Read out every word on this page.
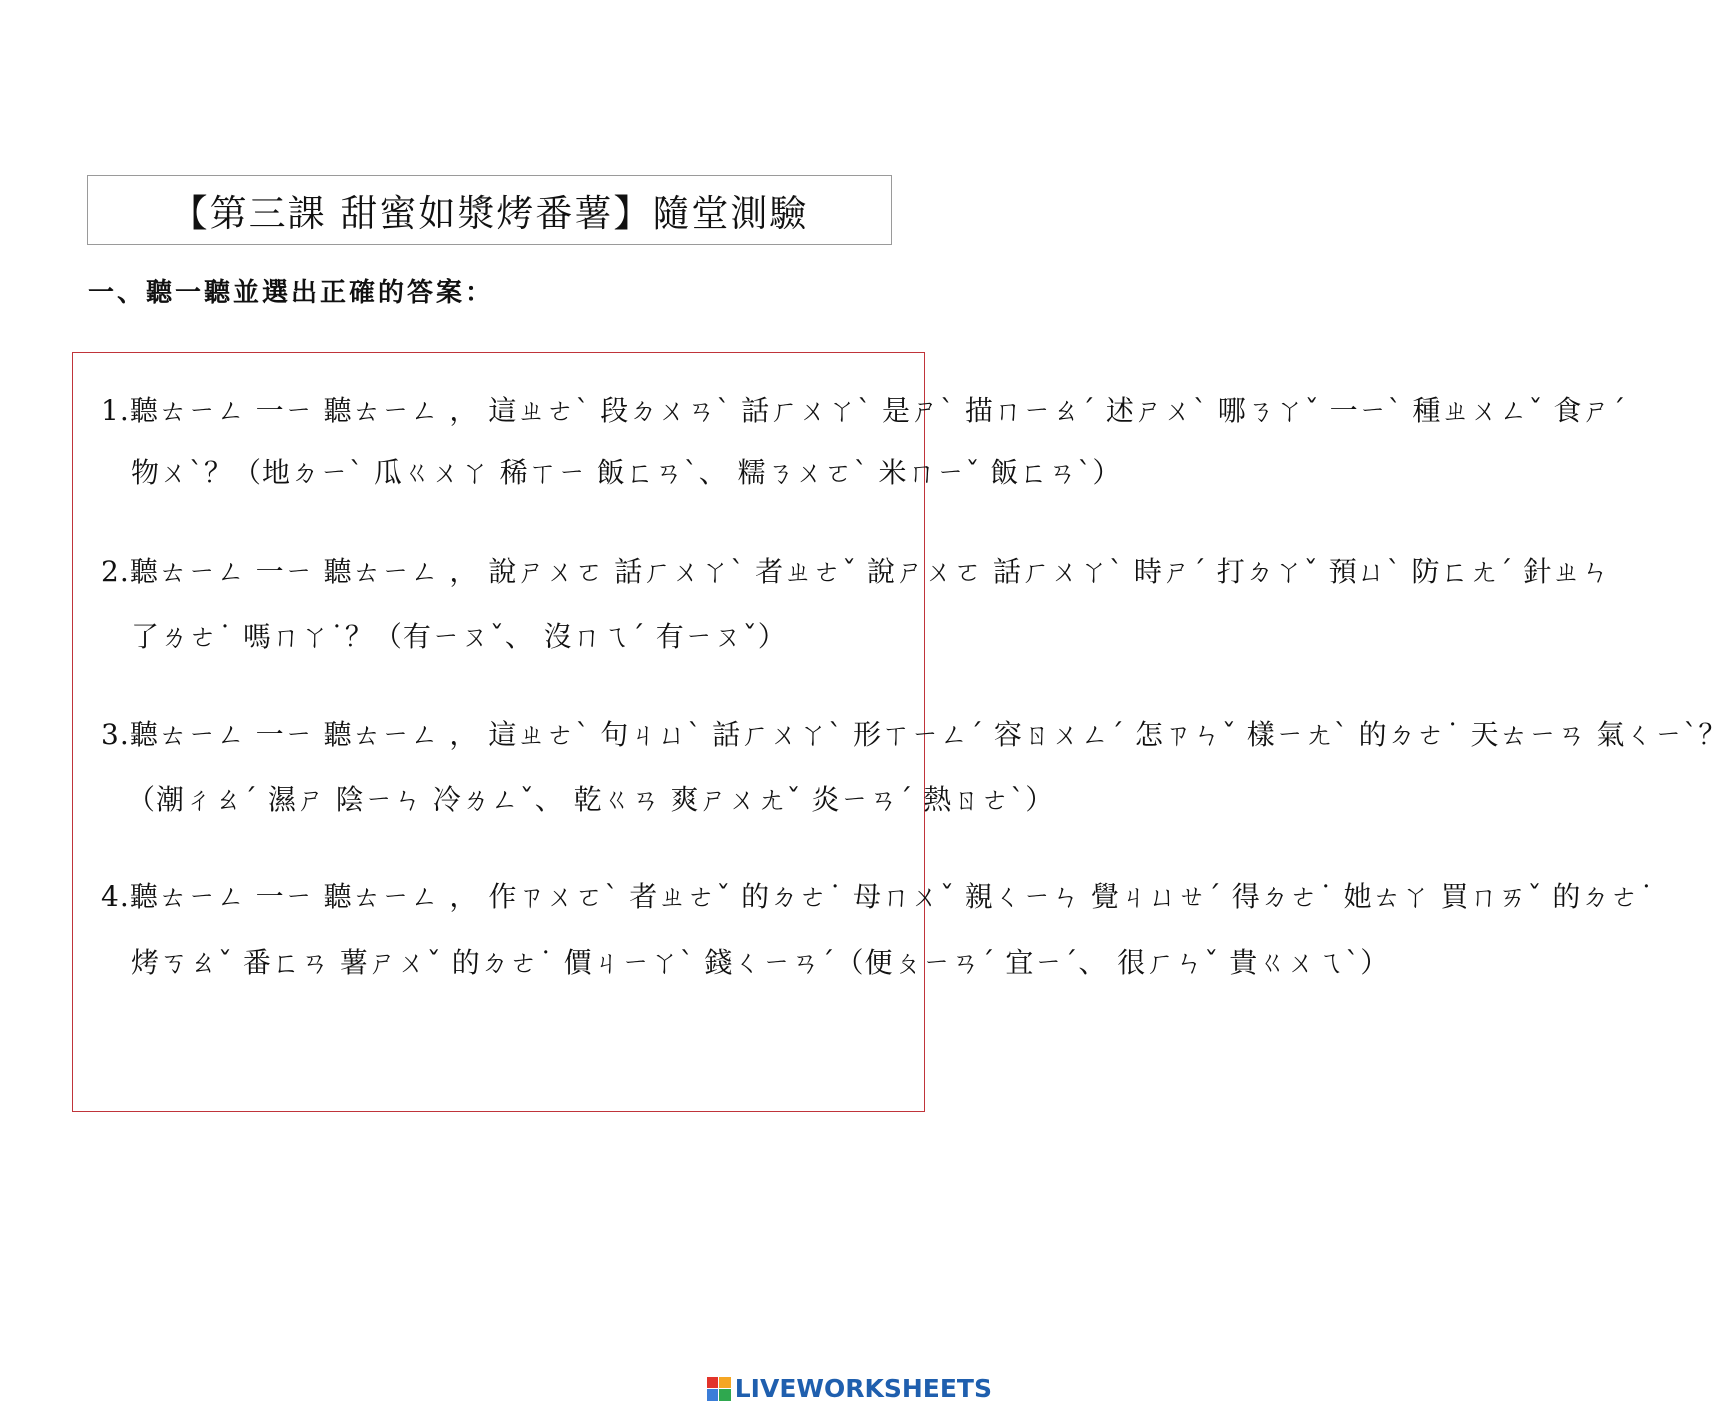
【第三課 甜蜜如漿烤番薯】隨堂測驗
一、聽一聽並選出正確的答案：
1.聽ㄊㄧㄥ 一ㄧ 聽ㄊㄧㄥ ， 這ㄓㄜˋ 段ㄉㄨㄢˋ 話ㄏㄨㄚˋ 是ㄕˋ 描ㄇㄧㄠˊ 述ㄕㄨˋ 哪ㄋㄚˇ 一ㄧˋ 種ㄓㄨㄥˇ 食ㄕˊ
物ㄨˋ？（地ㄉㄧˋ 瓜ㄍㄨㄚ 稀ㄒㄧ 飯ㄈㄢˋ、 糯ㄋㄨㄛˋ 米ㄇㄧˇ 飯ㄈㄢˋ）
2.聽ㄊㄧㄥ 一ㄧ 聽ㄊㄧㄥ ， 說ㄕㄨㄛ 話ㄏㄨㄚˋ 者ㄓㄜˇ 說ㄕㄨㄛ 話ㄏㄨㄚˋ 時ㄕˊ 打ㄉㄚˇ 預ㄩˋ 防ㄈㄤˊ 針ㄓㄣ
了ㄌㄜ˙ 嗎ㄇㄚ˙？（有ㄧㄡˇ、 沒ㄇㄟˊ 有ㄧㄡˇ）
3.聽ㄊㄧㄥ 一ㄧ 聽ㄊㄧㄥ ， 這ㄓㄜˋ 句ㄐㄩˋ 話ㄏㄨㄚˋ 形ㄒㄧㄥˊ 容ㄖㄨㄥˊ 怎ㄗㄣˇ 樣ㄧㄤˋ 的ㄉㄜ˙ 天ㄊㄧㄢ 氣ㄑㄧˋ？
（潮ㄔㄠˊ 濕ㄕ 陰ㄧㄣ 冷ㄌㄥˇ、 乾ㄍㄢ 爽ㄕㄨㄤˇ 炎ㄧㄢˊ 熱ㄖㄜˋ）
4.聽ㄊㄧㄥ 一ㄧ 聽ㄊㄧㄥ ， 作ㄗㄨㄛˋ 者ㄓㄜˇ 的ㄉㄜ˙ 母ㄇㄨˇ 親ㄑㄧㄣ 覺ㄐㄩㄝˊ 得ㄉㄜ˙ 她ㄊㄚ 買ㄇㄞˇ 的ㄉㄜ˙
烤ㄎㄠˇ 番ㄈㄢ 薯ㄕㄨˇ 的ㄉㄜ˙ 價ㄐㄧㄚˋ 錢ㄑㄧㄢˊ（便ㄆㄧㄢˊ 宜ㄧˊ、 很ㄏㄣˇ 貴ㄍㄨㄟˋ）
LIVEWORKSHEETS
